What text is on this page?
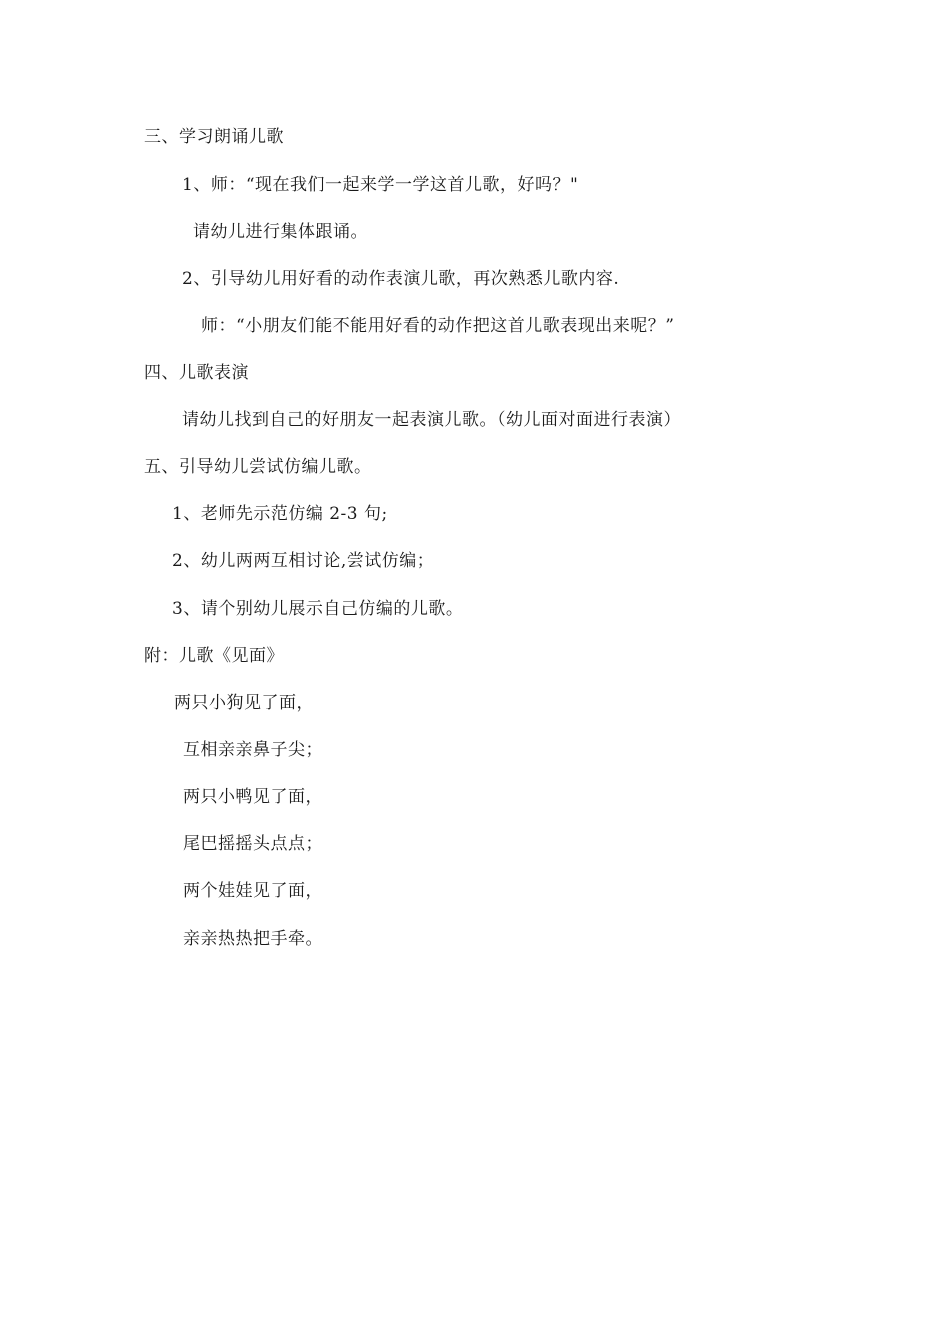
三、学习朗诵儿歌
1、师：“现在我们一起来学一学这首儿歌，好吗？"
请幼儿进行集体跟诵。
2、引导幼儿用好看的动作表演儿歌，再次熟悉儿歌内容.
师：“小朋友们能不能用好看的动作把这首儿歌表现出来呢？”
四、儿歌表演
请幼儿找到自己的好朋友一起表演儿歌。（幼儿面对面进行表演）
五、引导幼儿尝试仿编儿歌。
1、老师先示范仿编 2-3 句;
2、幼儿两两互相讨论,尝试仿编；
3、请个别幼儿展示自己仿编的儿歌。
附：儿歌《见面》
两只小狗见了面，
互相亲亲鼻子尖；
两只小鸭见了面，
尾巴摇摇头点点；
两个娃娃见了面，
亲亲热热把手牵。
